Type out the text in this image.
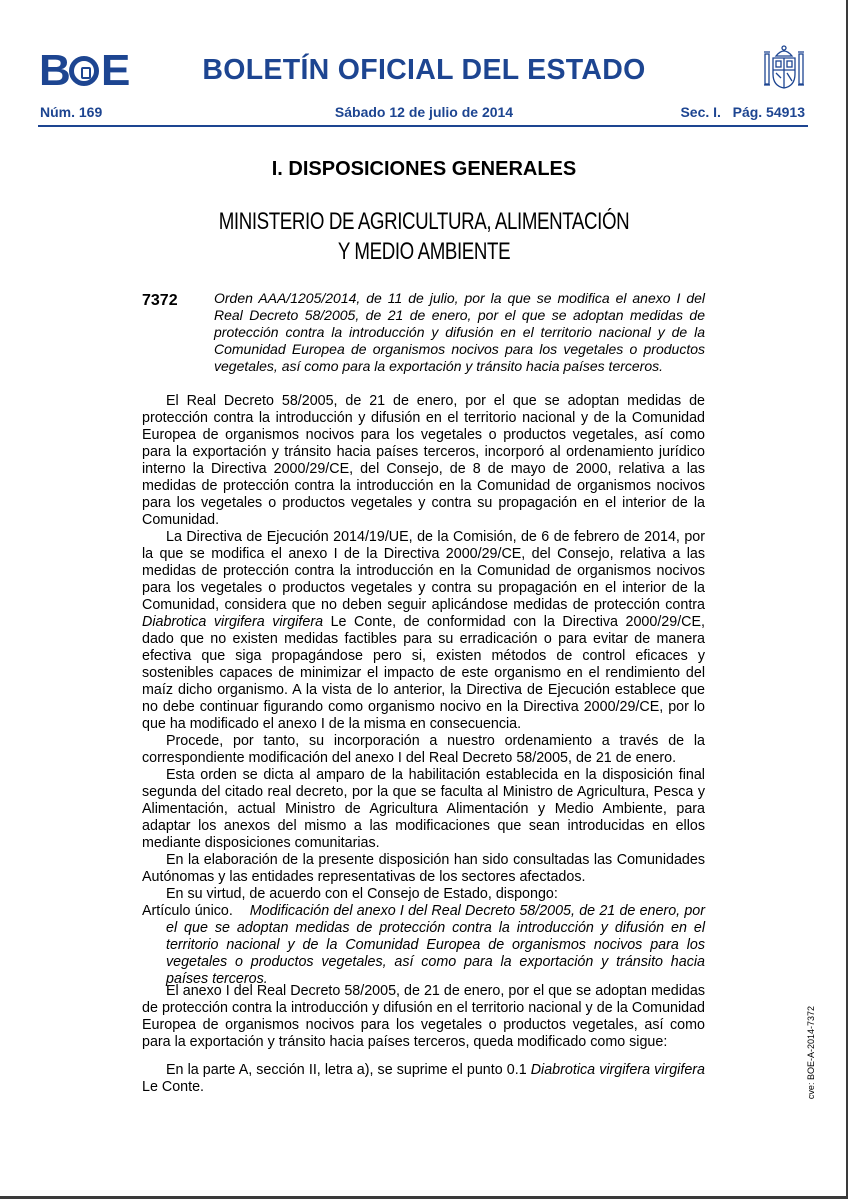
B E	BOLETÍN OFICIAL DEL ESTADO
Núm. 169	Sábado 12 de julio de 2014	Sec. I.   Pág. 54913
I. DISPOSICIONES GENERALES
MINISTERIO DE AGRICULTURA, ALIMENTACIÓN
Y MEDIO AMBIENTE
7372	Orden AAA/1205/2014, de 11 de julio, por la que se modifica el anexo I del Real Decreto 58/2005, de 21 de enero, por el que se adoptan medidas de protección contra la introducción y difusión en el territorio nacional y de la Comunidad Europea de organismos nocivos para los vegetales o productos vegetales, así como para la exportación y tránsito hacia países terceros.

El Real Decreto 58/2005, de 21 de enero, por el que se adoptan medidas de protección contra la introducción y difusión en el territorio nacional y de la Comunidad Europea de organismos nocivos para los vegetales o productos vegetales, así como para la exportación y tránsito hacia países terceros, incorporó al ordenamiento jurídico interno la Directiva 2000/29/CE, del Consejo, de 8 de mayo de 2000, relativa a las medidas de protección contra la introducción en la Comunidad de organismos nocivos para los vegetales o productos vegetales y contra su propagación en el interior de la Comunidad.

La Directiva de Ejecución 2014/19/UE, de la Comisión, de 6 de febrero de 2014, por la que se modifica el anexo I de la Directiva 2000/29/CE, del Consejo, relativa a las medidas de protección contra la introducción en la Comunidad de organismos nocivos para los vegetales o productos vegetales y contra su propagación en el interior de la Comunidad, considera que no deben seguir aplicándose medidas de protección contra Diabrotica virgifera virgifera Le Conte, de conformidad con la Directiva 2000/29/CE, dado que no existen medidas factibles para su erradicación o para evitar de manera efectiva que siga propagándose pero si, existen métodos de control eficaces y sostenibles capaces de minimizar el impacto de este organismo en el rendimiento del maíz dicho organismo. A la vista de lo anterior, la Directiva de Ejecución establece que no debe continuar figurando como organismo nocivo en la Directiva 2000/29/CE, por lo que ha modificado el anexo I de la misma en consecuencia.

Procede, por tanto, su incorporación a nuestro ordenamiento a través de la correspondiente modificación del anexo I del Real Decreto 58/2005, de 21 de enero.

Esta orden se dicta al amparo de la habilitación establecida en la disposición final segunda del citado real decreto, por la que se faculta al Ministro de Agricultura, Pesca y Alimentación, actual Ministro de Agricultura Alimentación y Medio Ambiente, para adaptar los anexos del mismo a las modificaciones que sean introducidas en ellos mediante disposiciones comunitarias.

En la elaboración de la presente disposición han sido consultadas las Comunidades Autónomas y las entidades representativas de los sectores afectados.

En su virtud, de acuerdo con el Consejo de Estado, dispongo:

Artículo único. Modificación del anexo I del Real Decreto 58/2005, de 21 de enero, por el que se adoptan medidas de protección contra la introducción y difusión en el territorio nacional y de la Comunidad Europea de organismos nocivos para los vegetales o productos vegetales, así como para la exportación y tránsito hacia países terceros.

El anexo I del Real Decreto 58/2005, de 21 de enero, por el que se adoptan medidas de protección contra la introducción y difusión en el territorio nacional y de la Comunidad Europea de organismos nocivos para los vegetales o productos vegetales, así como para la exportación y tránsito hacia países terceros, queda modificado como sigue:

En la parte A, sección II, letra a), se suprime el punto 0.1 Diabrotica virgifera virgifera Le Conte.	cve: BOE-A-2014-7372
